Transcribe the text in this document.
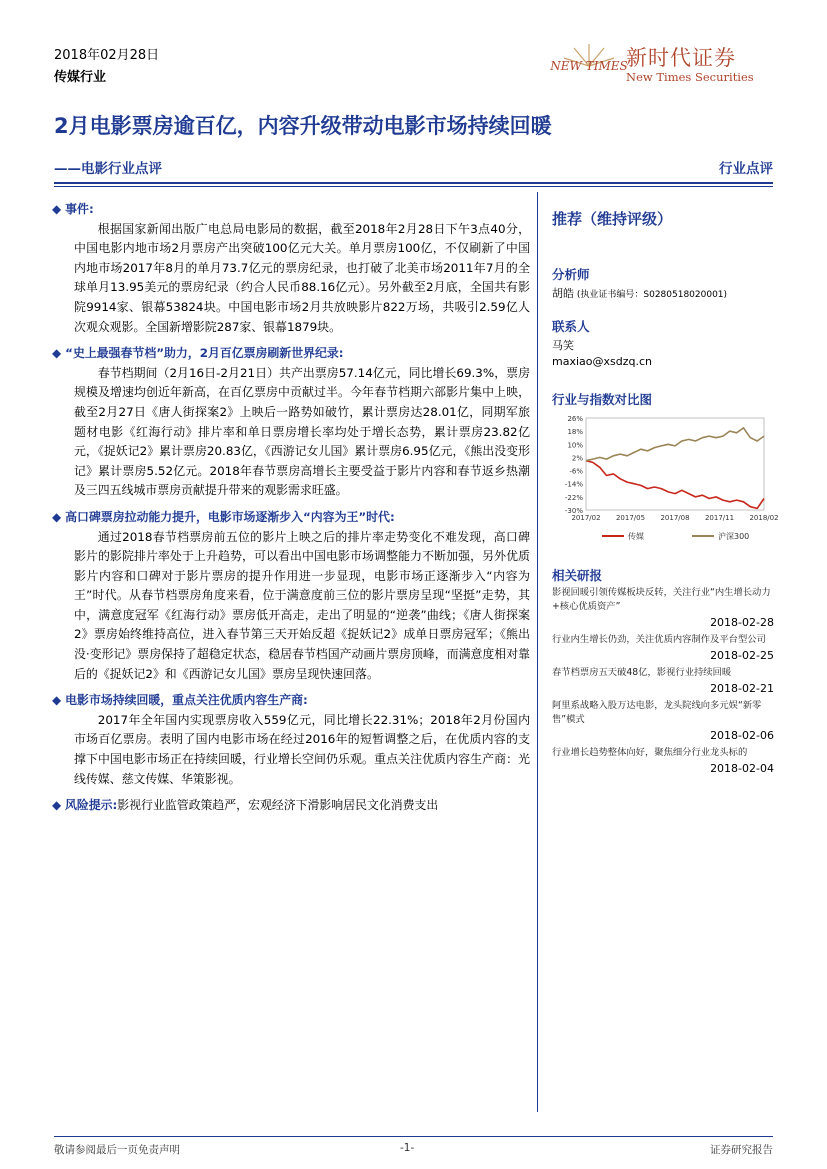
2018年02月28日
传媒行业
NEW TIMES
新时代证券
New Times Securities
2月电影票房逾百亿，内容升级带动电影市场持续回暖
——电影行业点评	行业点评

◆ 事件:

根据国家新闻出版广电总局电影局的数据，截至2018年2月28日下午3点40分，中国电影内地市场2月票房产出突破100亿元大关。单月票房100亿，不仅刷新了中国内地市场2017年8月的单月73.7亿元的票房纪录，也打破了北美市场2011年7月的全球单月13.95美元的票房纪录（约合人民币88.16亿元）。另外截至2月底，全国共有影院9914家、银幕53824块。中国电影市场2月共放映影片822万场，共吸引2.59亿人次观众观影。全国新增影院287家、银幕1879块。

◆ “史上最强春节档”助力，2月百亿票房刷新世界纪录:

春节档期间（2月16日-2月21日）共产出票房57.14亿元，同比增长69.3%，票房规模及增速均创近年新高，在百亿票房中贡献过半。今年春节档期六部影片集中上映，截至2月27日《唐人街探案2》上映后一路势如破竹，累计票房达28.01亿，同期军旅题材电影《红海行动》排片率和单日票房增长率均处于增长态势，累计票房23.82亿元，《捉妖记2》累计票房20.83亿，《西游记女儿国》累计票房6.95亿元，《熊出没变形记》累计票房5.52亿元。2018年春节票房高增长主要受益于影片内容和春节返乡热潮及三四五线城市票房贡献提升带来的观影需求旺盛。

◆ 高口碑票房拉动能力提升，电影市场逐渐步入“内容为王”时代:

通过2018春节档票房前五位的影片上映之后的排片率走势变化不难发现，高口碑影片的影院排片率处于上升趋势，可以看出中国电影市场调整能力不断加强，另外优质影片内容和口碑对于影片票房的提升作用进一步显现，电影市场正逐渐步入“内容为王”时代。从春节档票房角度来看，位于满意度前三位的影片票房呈现“坚挺”走势，其中，满意度冠军《红海行动》票房低开高走，走出了明显的“逆袭”曲线；《唐人街探案2》票房始终维持高位，进入春节第三天开始反超《捉妖记2》成单日票房冠军；《熊出没·变形记》票房保持了超稳定状态，稳居春节档国产动画片票房顶峰，而满意度相对靠后的《捉妖记2》和《西游记女儿国》票房呈现快速回落。

◆ 电影市场持续回暖，重点关注优质内容生产商:

2017年全年国内实现票房收入559亿元，同比增长22.31%；2018年2月份国内市场百亿票房。表明了国内电影市场在经过2016年的短暂调整之后，在优质内容的支撑下中国电影市场正在持续回暖，行业增长空间仍乐观。重点关注优质内容生产商：光线传媒、慈文传媒、华策影视。

◆ 风险提示:影视行业监管政策趋严，宏观经济下滑影响居民文化消费支出

推荐（维持评级）

分析师

胡皓 (执业证书编号：S0280518020001)

联系人

马笑

maxiao@xsdzq.cn

行业与指数对比图

26%
18%
10%
2%
-6%
-14%
-22%
-30%
2017/02 2017/05 2017/08 2017/11 2018/02
传媒	沪深300

相关研报

影视回暖引领传媒板块反转，关注行业“内生增长动力+核心优质资产”

2018-02-28

行业内生增长仍劲，关注优质内容制作及平台型公司

2018-02-25

春节档票房五天破48亿，影视行业持续回暖

2018-02-21

阿里系战略入股万达电影，龙头院线向多元娱“新零售”模式

2018-02-06

行业增长趋势整体向好，聚焦细分行业龙头标的

2018-02-04

敬请参阅最后一页免责声明	-1-	证券研究报告
